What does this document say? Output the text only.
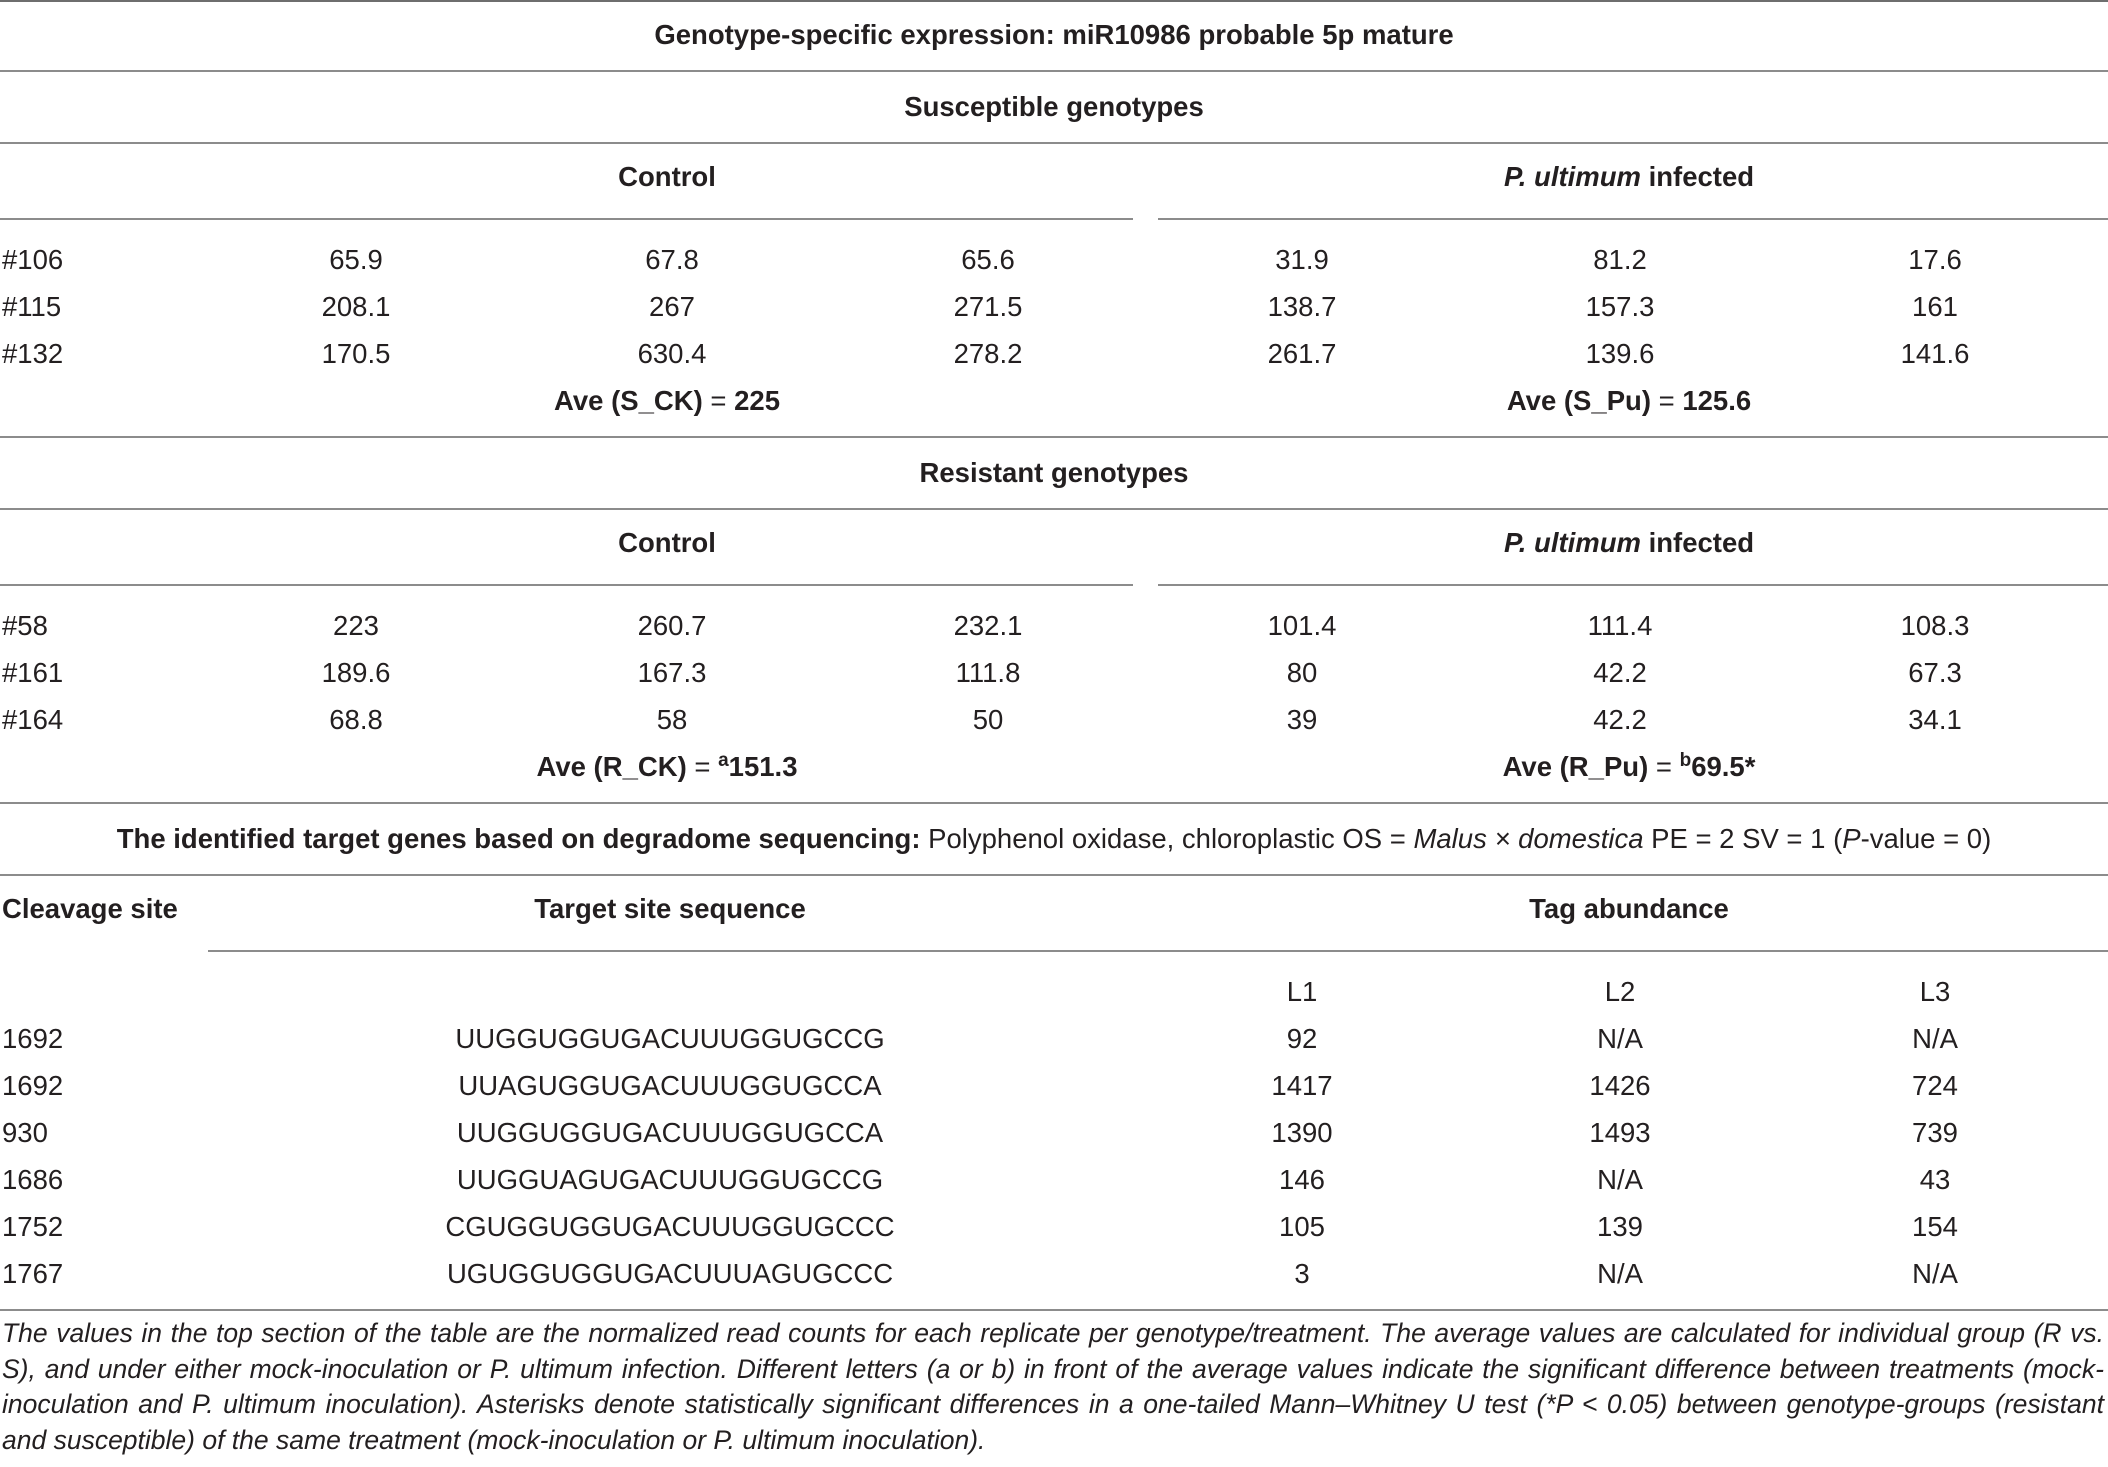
Genotype-specific expression: miR10986 probable 5p mature
Susceptible genotypes
Control	P. ultimum infected
#106	65.9	67.8	65.6	31.9	81.2	17.6
#115	208.1	267	271.5	138.7	157.3	161
#132	170.5	630.4	278.2	261.7	139.6	141.6
Ave (S_CK) = 225	Ave (S_Pu) = 125.6
Resistant genotypes
Control	P. ultimum infected
#58	223	260.7	232.1	101.4	111.4	108.3
#161	189.6	167.3	111.8	80	42.2	67.3
#164	68.8	58	50	39	42.2	34.1
Ave (R_CK) = $^a$151.3	Ave (R_Pu) = $^b$69.5*
The identified target genes based on degradome sequencing: Polyphenol oxidase, chloroplastic OS = Malus × domestica PE = 2 SV = 1 (P-value = 0)
Cleavage site	Target site sequence	Tag abundance
L1	L2	L3
1692	UUGGUGGUGACUUUGGUGCCG	92	N/A	N/A
1692	UUAGUGGUGACUUUGGUGCCA	1417	1426	724
930	UUGGUGGUGACUUUGGUGCCA	1390	1493	739
1686	UUGGUAGUGACUUUGGUGCCG	146	N/A	43
1752	CGUGGUGGUGACUUUGGUGCCC	105	139	154
1767	UGUGGUGGUGACUUUAGUGCCC	3	N/A	N/A
The values in the top section of the table are the normalized read counts for each replicate per genotype/treatment. The average values are calculated for individual group (R vs. S), and under either mock-inoculation or P. ultimum infection. Different letters (a or b) in front of the average values indicate the significant difference between treatments (mock-inoculation and P. ultimum inoculation). Asterisks denote statistically significant differences in a one-tailed Mann–Whitney U test (*P < 0.05) between genotype-groups (resistant and susceptible) of the same treatment (mock-inoculation or P. ultimum inoculation).
